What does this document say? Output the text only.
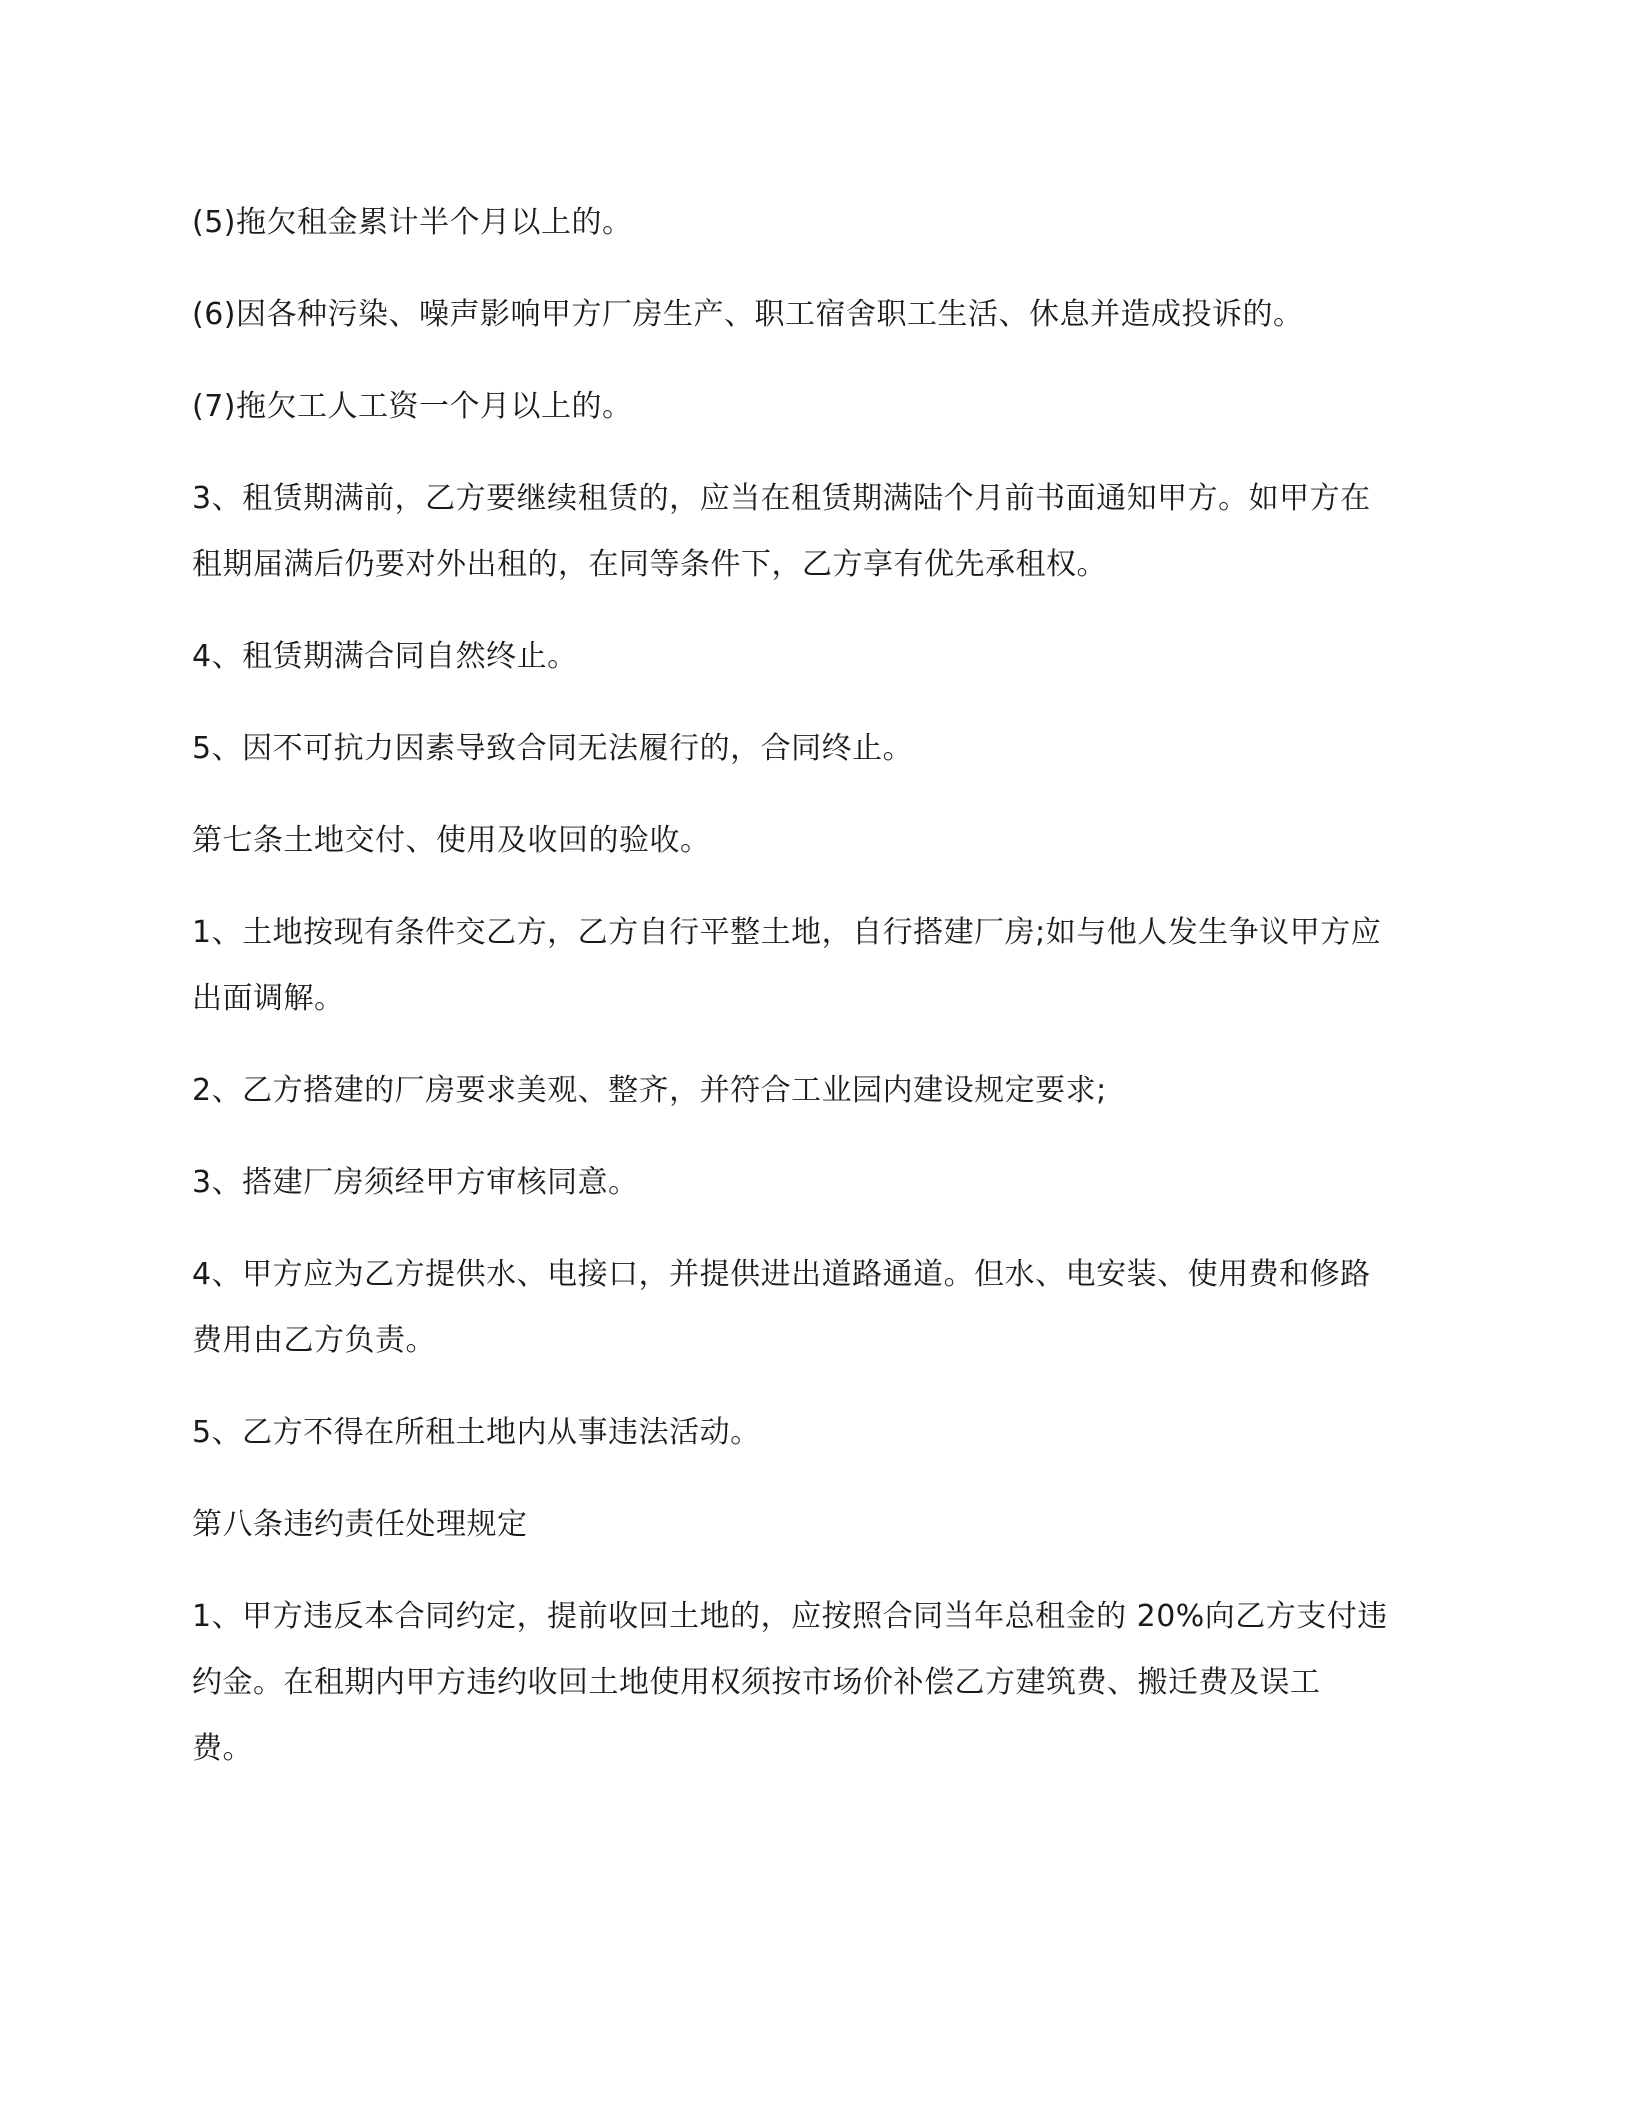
(5)拖欠租金累计半个月以上的。

(6)因各种污染、噪声影响甲方厂房生产、职工宿舍职工生活、休息并造成投诉的。

(7)拖欠工人工资一个月以上的。

3、租赁期满前，乙方要继续租赁的，应当在租赁期满陆个月前书面通知甲方。如甲方在
租期届满后仍要对外出租的，在同等条件下，乙方享有优先承租权。

4、租赁期满合同自然终止。

5、因不可抗力因素导致合同无法履行的，合同终止。

第七条土地交付、使用及收回的验收。

1、土地按现有条件交乙方，乙方自行平整土地，自行搭建厂房;如与他人发生争议甲方应
出面调解。

2、乙方搭建的厂房要求美观、整齐，并符合工业园内建设规定要求;

3、搭建厂房须经甲方审核同意。

4、甲方应为乙方提供水、电接口，并提供进出道路通道。但水、电安装、使用费和修路
费用由乙方负责。

5、乙方不得在所租土地内从事违法活动。

第八条违约责任处理规定

1、甲方违反本合同约定，提前收回土地的，应按照合同当年总租金的 20%向乙方支付违
约金。在租期内甲方违约收回土地使用权须按市场价补偿乙方建筑费、搬迁费及误工
费。
